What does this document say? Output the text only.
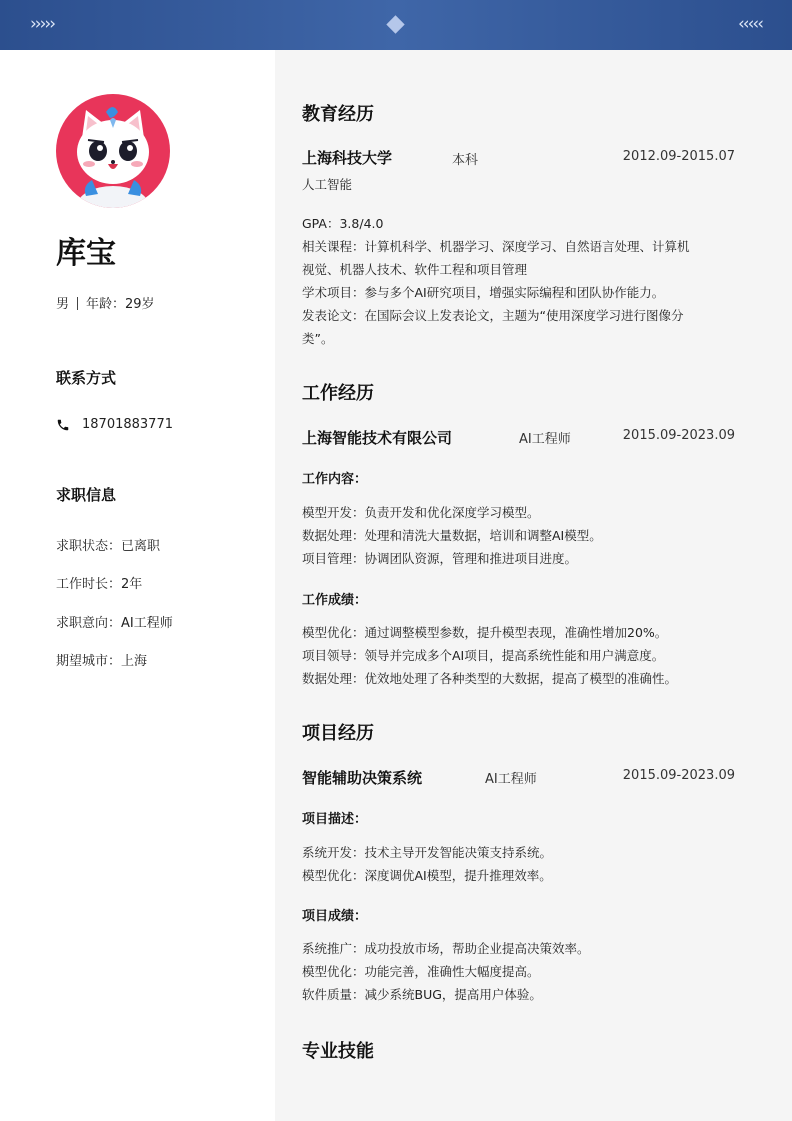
›››››	‹‹‹‹‹
库宝
男 年龄：29岁
联系方式
18701883771
求职信息
求职状态：已离职
工作时长：2年
求职意向：AI工程师
期望城市：上海
教育经历
上海科技大学	本科	2012.09-2015.07
人工智能
GPA：3.8/4.0
相关课程：计算机科学、机器学习、深度学习、自然语言处理、计算机
视觉、机器人技术、软件工程和项目管理
学术项目：参与多个AI研究项目，增强实际编程和团队协作能力。
发表论文：在国际会议上发表论文，主题为“使用深度学习进行图像分
类”。
工作经历
上海智能技术有限公司	AI工程师	2015.09-2023.09
工作内容：
模型开发：负责开发和优化深度学习模型。
数据处理：处理和清洗大量数据，培训和调整AI模型。
项目管理：协调团队资源，管理和推进项目进度。
工作成绩：
模型优化：通过调整模型参数，提升模型表现，准确性增加20%。
项目领导：领导并完成多个AI项目，提高系统性能和用户满意度。
数据处理：优效地处理了各种类型的大数据，提高了模型的准确性。
项目经历
智能辅助决策系统	AI工程师	2015.09-2023.09
项目描述：
系统开发：技术主导开发智能决策支持系统。
模型优化：深度调优AI模型，提升推理效率。
项目成绩：
系统推广：成功投放市场，帮助企业提高决策效率。
模型优化：功能完善，准确性大幅度提高。
软件质量：减少系统BUG，提高用户体验。
专业技能
